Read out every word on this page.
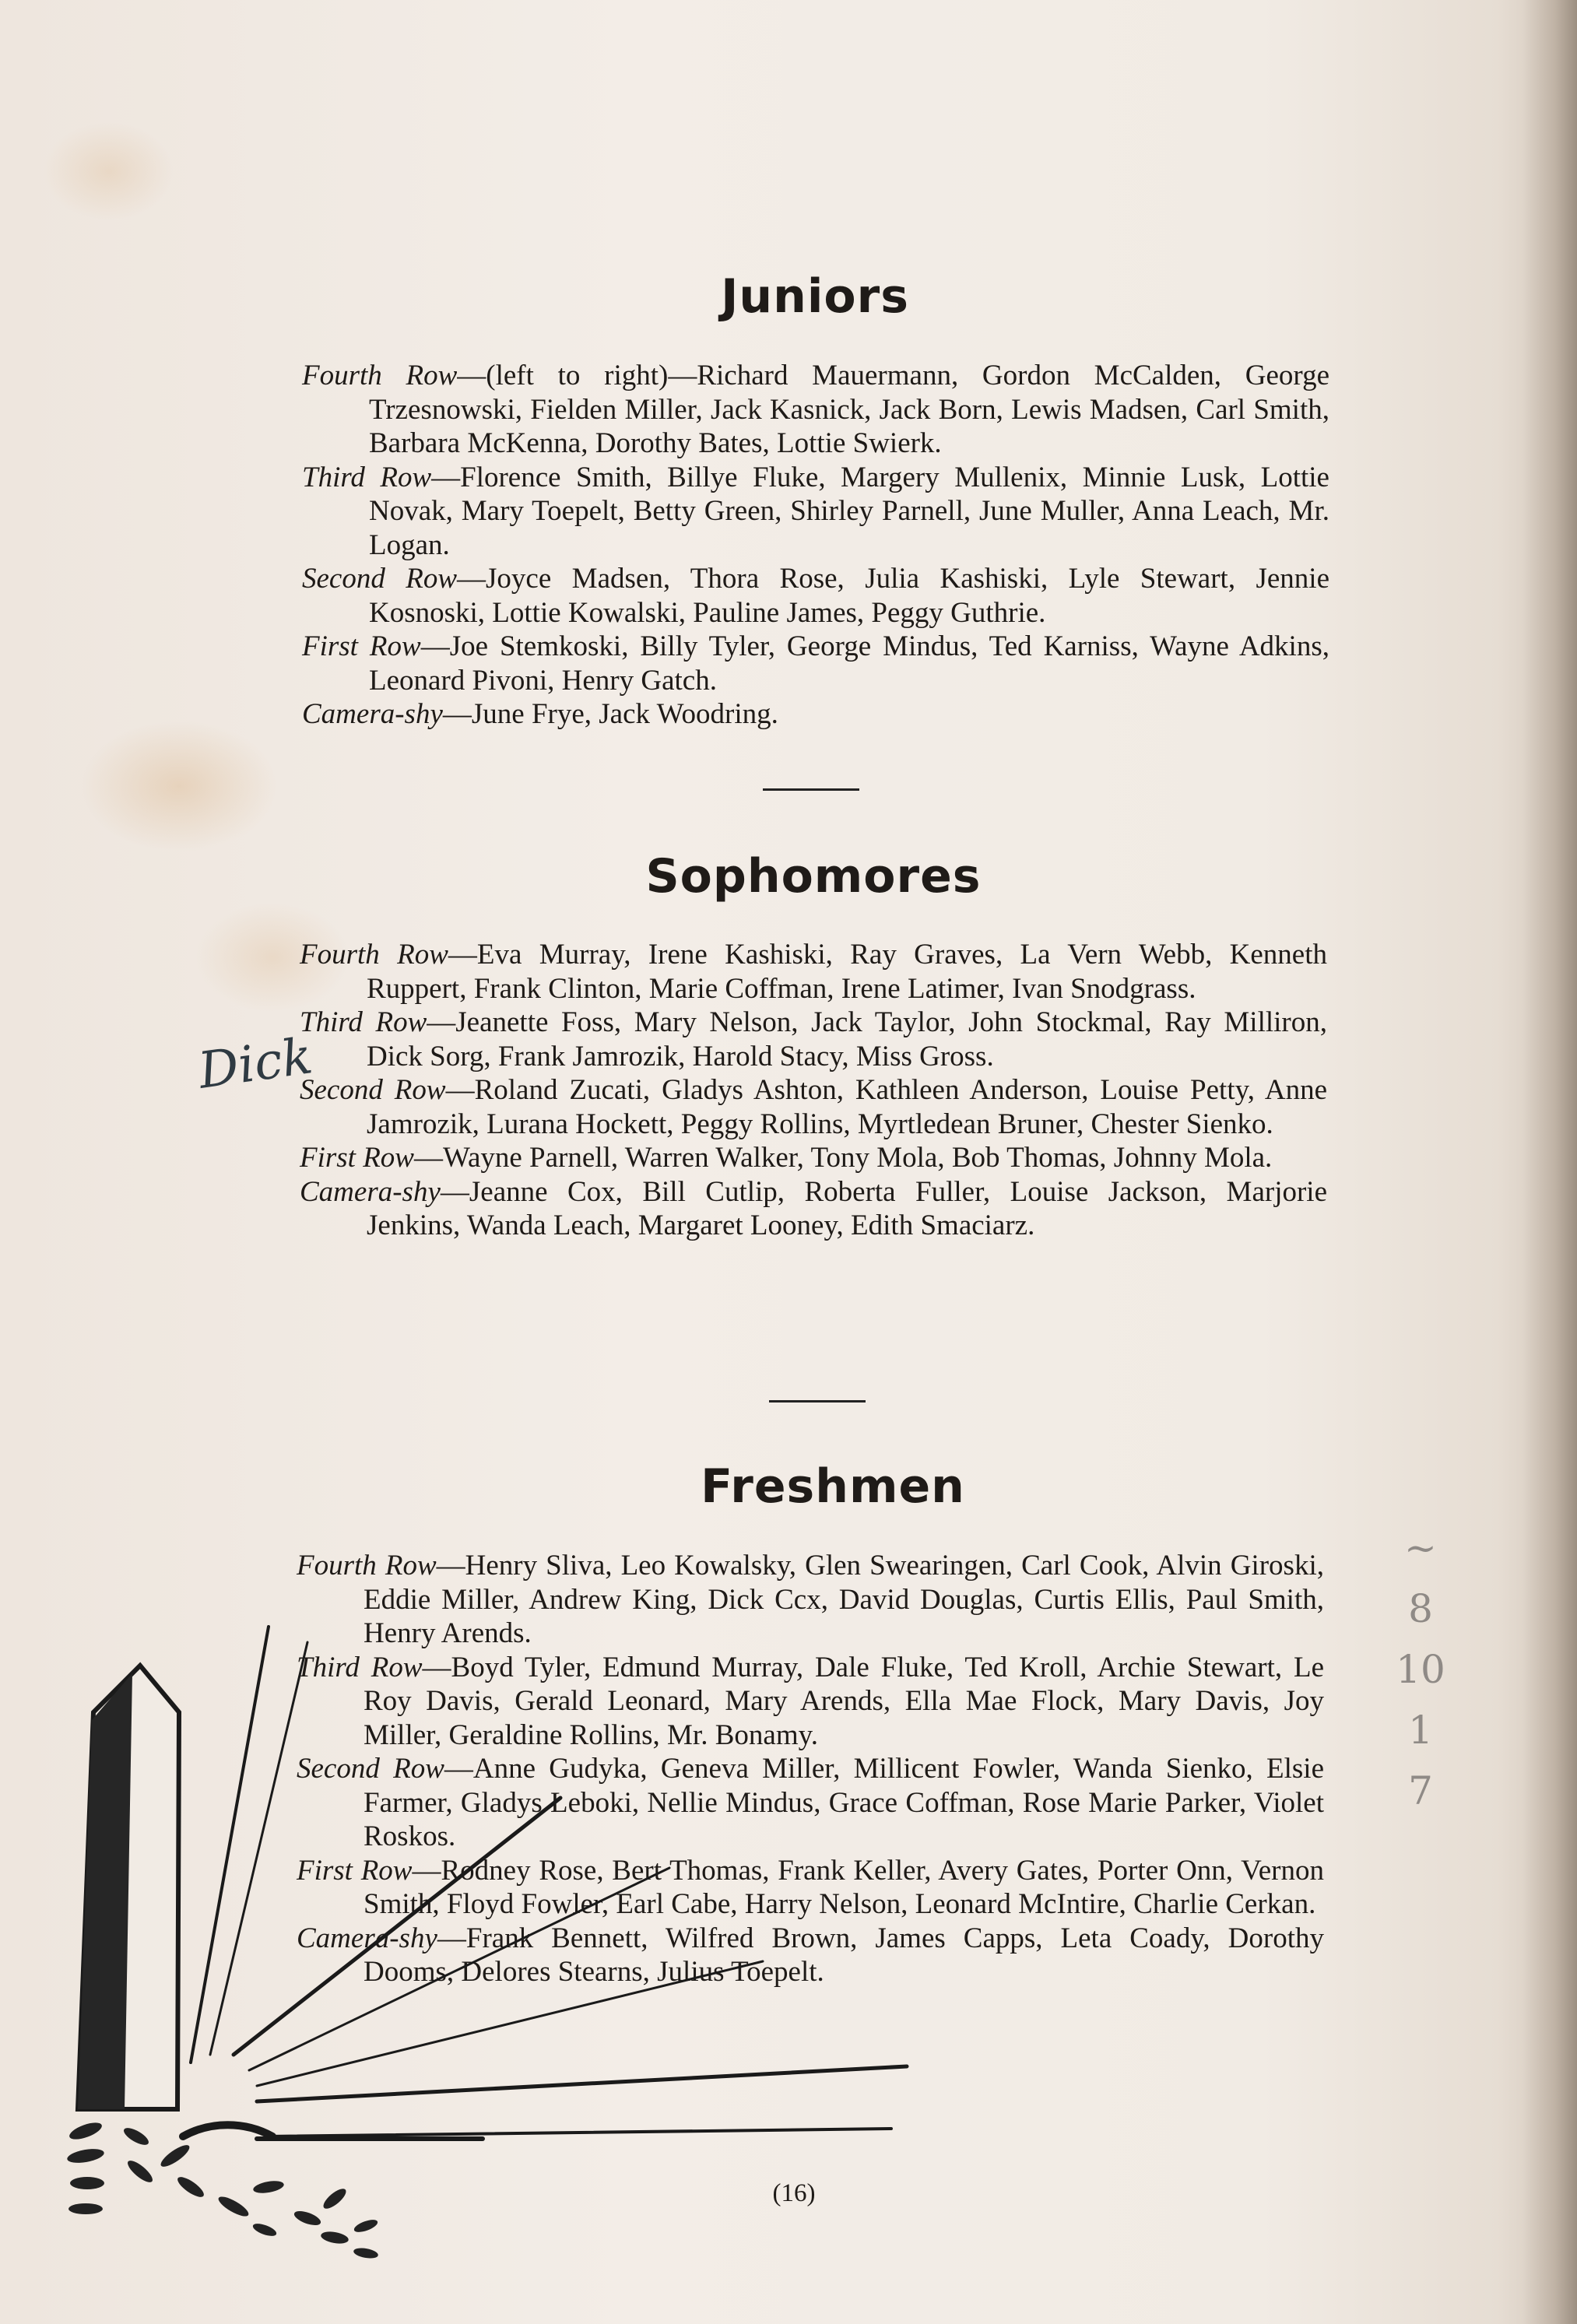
Juniors
Fourth Row—(left to right)—Richard Mauermann, Gordon McCalden, George Trzesnowski, Fielden Miller, Jack Kasnick, Jack Born, Lewis Madsen, Carl Smith, Barbara McKenna, Dorothy Bates, Lottie Swierk.
Third Row—Florence Smith, Billye Fluke, Margery Mullenix, Minnie Lusk, Lottie Novak, Mary Toepelt, Betty Green, Shirley Parnell, June Muller, Anna Leach, Mr. Logan.
Second Row—Joyce Madsen, Thora Rose, Julia Kashiski, Lyle Stewart, Jennie Kosnoski, Lottie Kowalski, Pauline James, Peggy Guthrie.
First Row—Joe Stemkoski, Billy Tyler, George Mindus, Ted Karniss, Wayne Adkins, Leonard Pivoni, Henry Gatch.
Camera-shy—June Frye, Jack Woodring.
Sophomores
Fourth Row—Eva Murray, Irene Kashiski, Ray Graves, La Vern Webb, Kenneth Ruppert, Frank Clinton, Marie Coffman, Irene Latimer, Ivan Snodgrass.
Third Row—Jeanette Foss, Mary Nelson, Jack Taylor, John Stockmal, Ray Milliron, Dick Sorg, Frank Jamrozik, Harold Stacy, Miss Gross.
Second Row—Roland Zucati, Gladys Ashton, Kathleen Anderson, Louise Petty, Anne Jamrozik, Lurana Hockett, Peggy Rollins, Myrtledean Bruner, Chester Sienko.
First Row—Wayne Parnell, Warren Walker, Tony Mola, Bob Thomas, Johnny Mola.
Camera-shy—Jeanne Cox, Bill Cutlip, Roberta Fuller, Louise Jackson, Marjorie Jenkins, Wanda Leach, Margaret Looney, Edith Smaciarz.
Freshmen
Fourth Row—Henry Sliva, Leo Kowalsky, Glen Swearingen, Carl Cook, Alvin Giroski, Eddie Miller, Andrew King, Dick Ccx, David Douglas, Curtis Ellis, Paul Smith, Henry Arends.
Third Row—Boyd Tyler, Edmund Murray, Dale Fluke, Ted Kroll, Archie Stewart, Le Roy Davis, Gerald Leonard, Mary Arends, Ella Mae Flock, Mary Davis, Joy Miller, Geraldine Rollins, Mr. Bonamy.
Second Row—Anne Gudyka, Geneva Miller, Millicent Fowler, Wanda Sienko, Elsie Farmer, Gladys Leboki, Nellie Mindus, Grace Coffman, Rose Marie Parker, Violet Roskos.
First Row—Rodney Rose, Bert Thomas, Frank Keller, Avery Gates, Porter Onn, Vernon Smith, Floyd Fowler, Earl Cabe, Harry Nelson, Leonard McIntire, Charlie Cerkan.
Camera-shy—Frank Bennett, Wilfred Brown, James Capps, Leta Coady, Dorothy Dooms, Delores Stearns, Julius Toepelt.
Dick
~
8
10
1
7
(16)
